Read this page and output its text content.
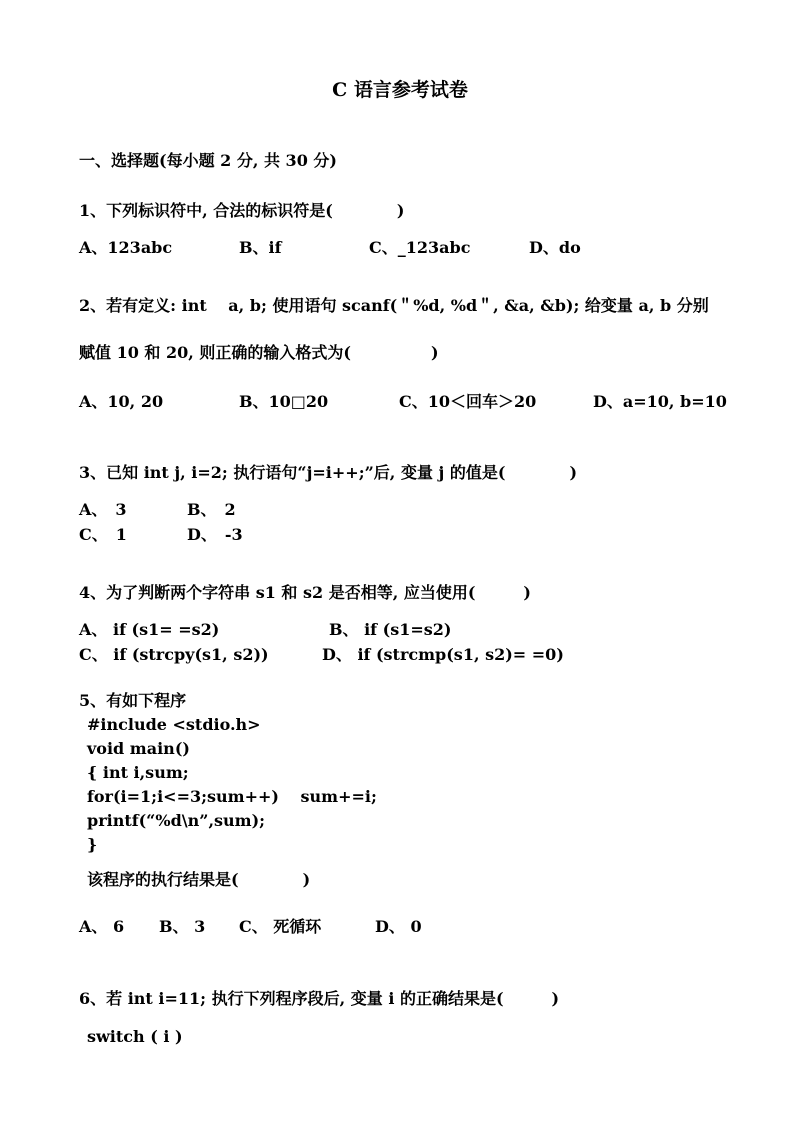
C 语言参考试卷
一、选择题(每小题 2 分, 共 30 分)
1、下列标识符中, 合法的标识符是(　　　　)
A、123abc	B、if	C、_123abc	D、do
2、若有定义: int　 a, b; 使用语句 scanf(＂%d, %d＂, &a, &b); 给变量 a, b 分别
赋值 10 和 20, 则正确的输入格式为(　　　　　)
A、10, 20	B、10□20	C、10＜回车＞20	D、a=10, b=10
3、已知 int j, i=2; 执行语句“j=i++;”后, 变量 j 的值是(　　　　)
A、　3	B、　2
C、　1	D、　-3
4、为了判断两个字符串 s1 和 s2 是否相等, 应当使用(　　　)
A、 if (s1= =s2)	B、 if (s1=s2)
C、 if (strcpy(s1, s2))	D、 if (strcmp(s1, s2)= =0)
5、有如下程序
#include <stdio.h>
void main()
{ int i,sum;
for(i=1;i<=3;sum++)　 sum+=i;
printf(“%d\n”,sum);
}
该程序的执行结果是(　　　　)
A、 6 B、 3 C、 死循环	D、 0
6、若 int i=11; 执行下列程序段后, 变量 i 的正确结果是(　　　)
switch ( i )
